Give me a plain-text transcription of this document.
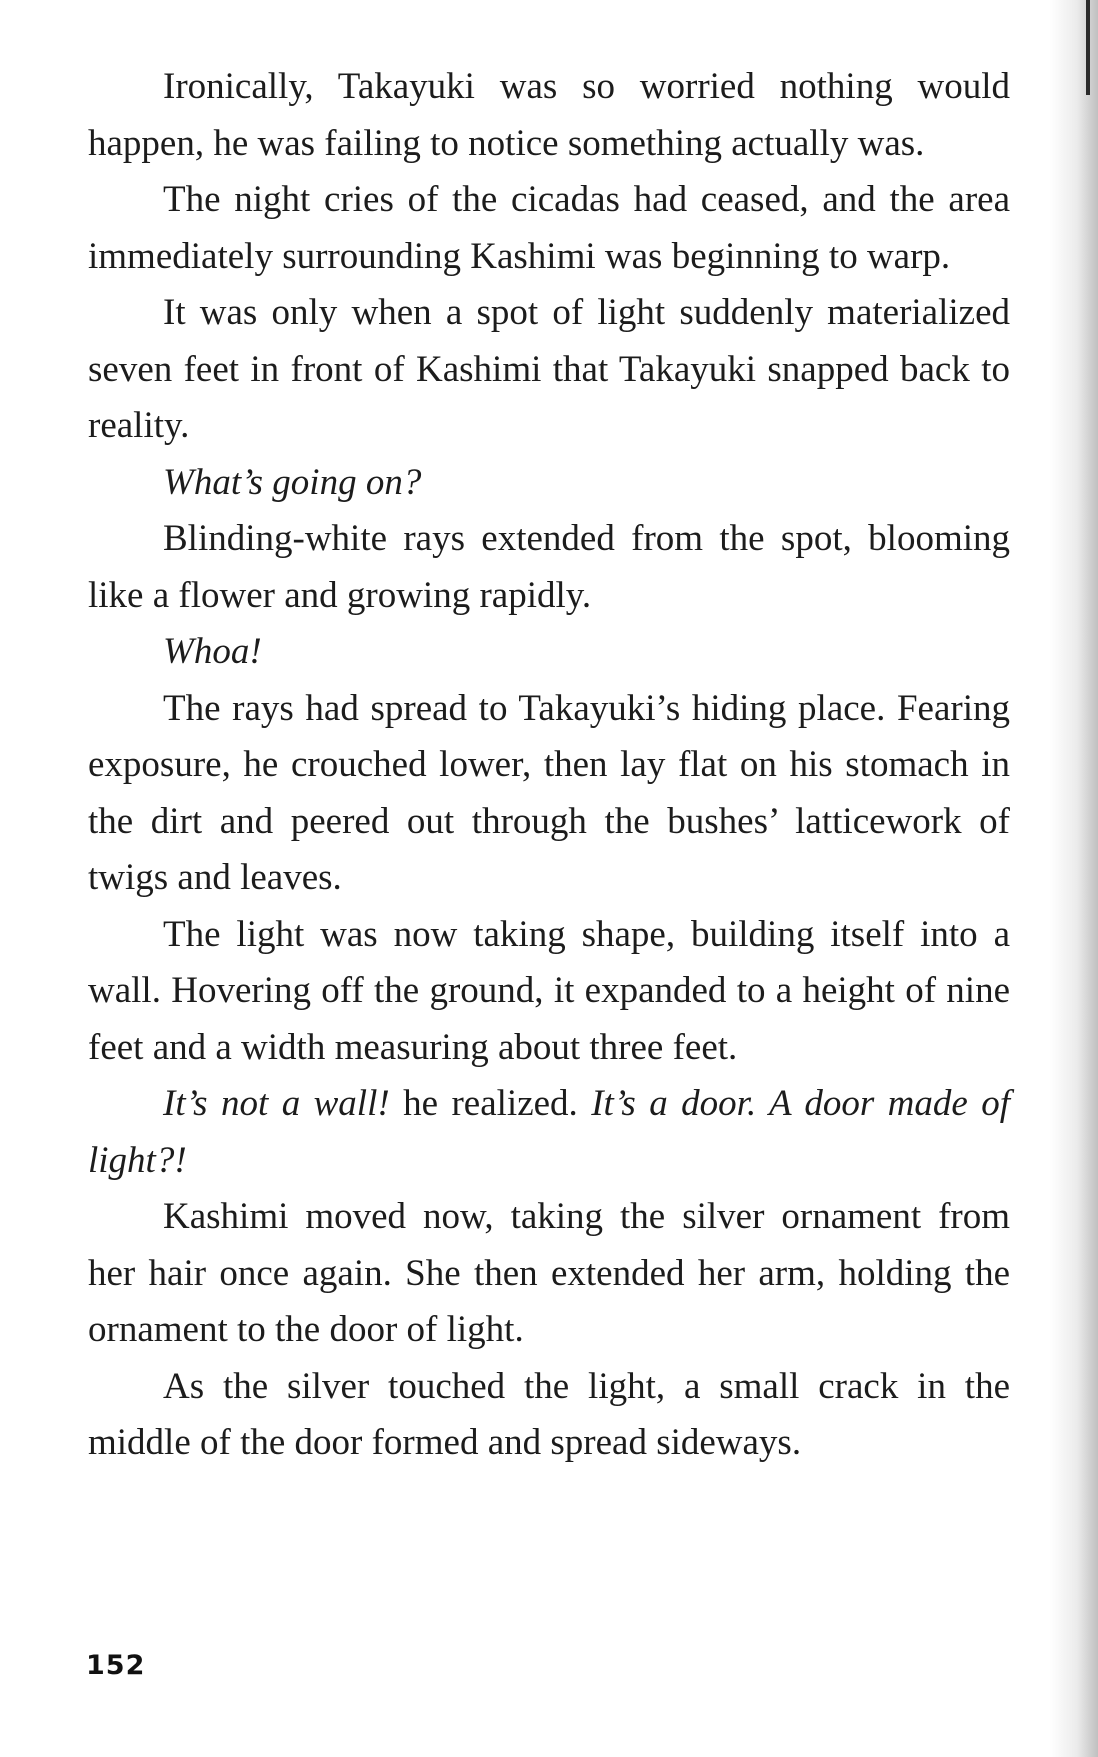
Ironically, Takayuki was so worried nothing would happen, he was failing to notice something actually was.

The night cries of the cicadas had ceased, and the area immediately surrounding Kashimi was beginning to warp.

It was only when a spot of light suddenly materialized seven feet in front of Kashimi that Takayuki snapped back to reality.

What’s going on?

Blinding-white rays extended from the spot, blooming like a flower and growing rapidly.

Whoa!

The rays had spread to Takayuki’s hiding place. Fearing exposure, he crouched lower, then lay flat on his stomach in the dirt and peered out through the bushes’ latticework of twigs and leaves.

The light was now taking shape, building itself into a wall. Hovering off the ground, it expanded to a height of nine feet and a width measuring about three feet.

It’s not a wall! he realized. It’s a door. A door made of light?!

Kashimi moved now, taking the silver ornament from her hair once again. She then extended her arm, holding the ornament to the door of light.

As the silver touched the light, a small crack in the middle of the door formed and spread sideways.

152
